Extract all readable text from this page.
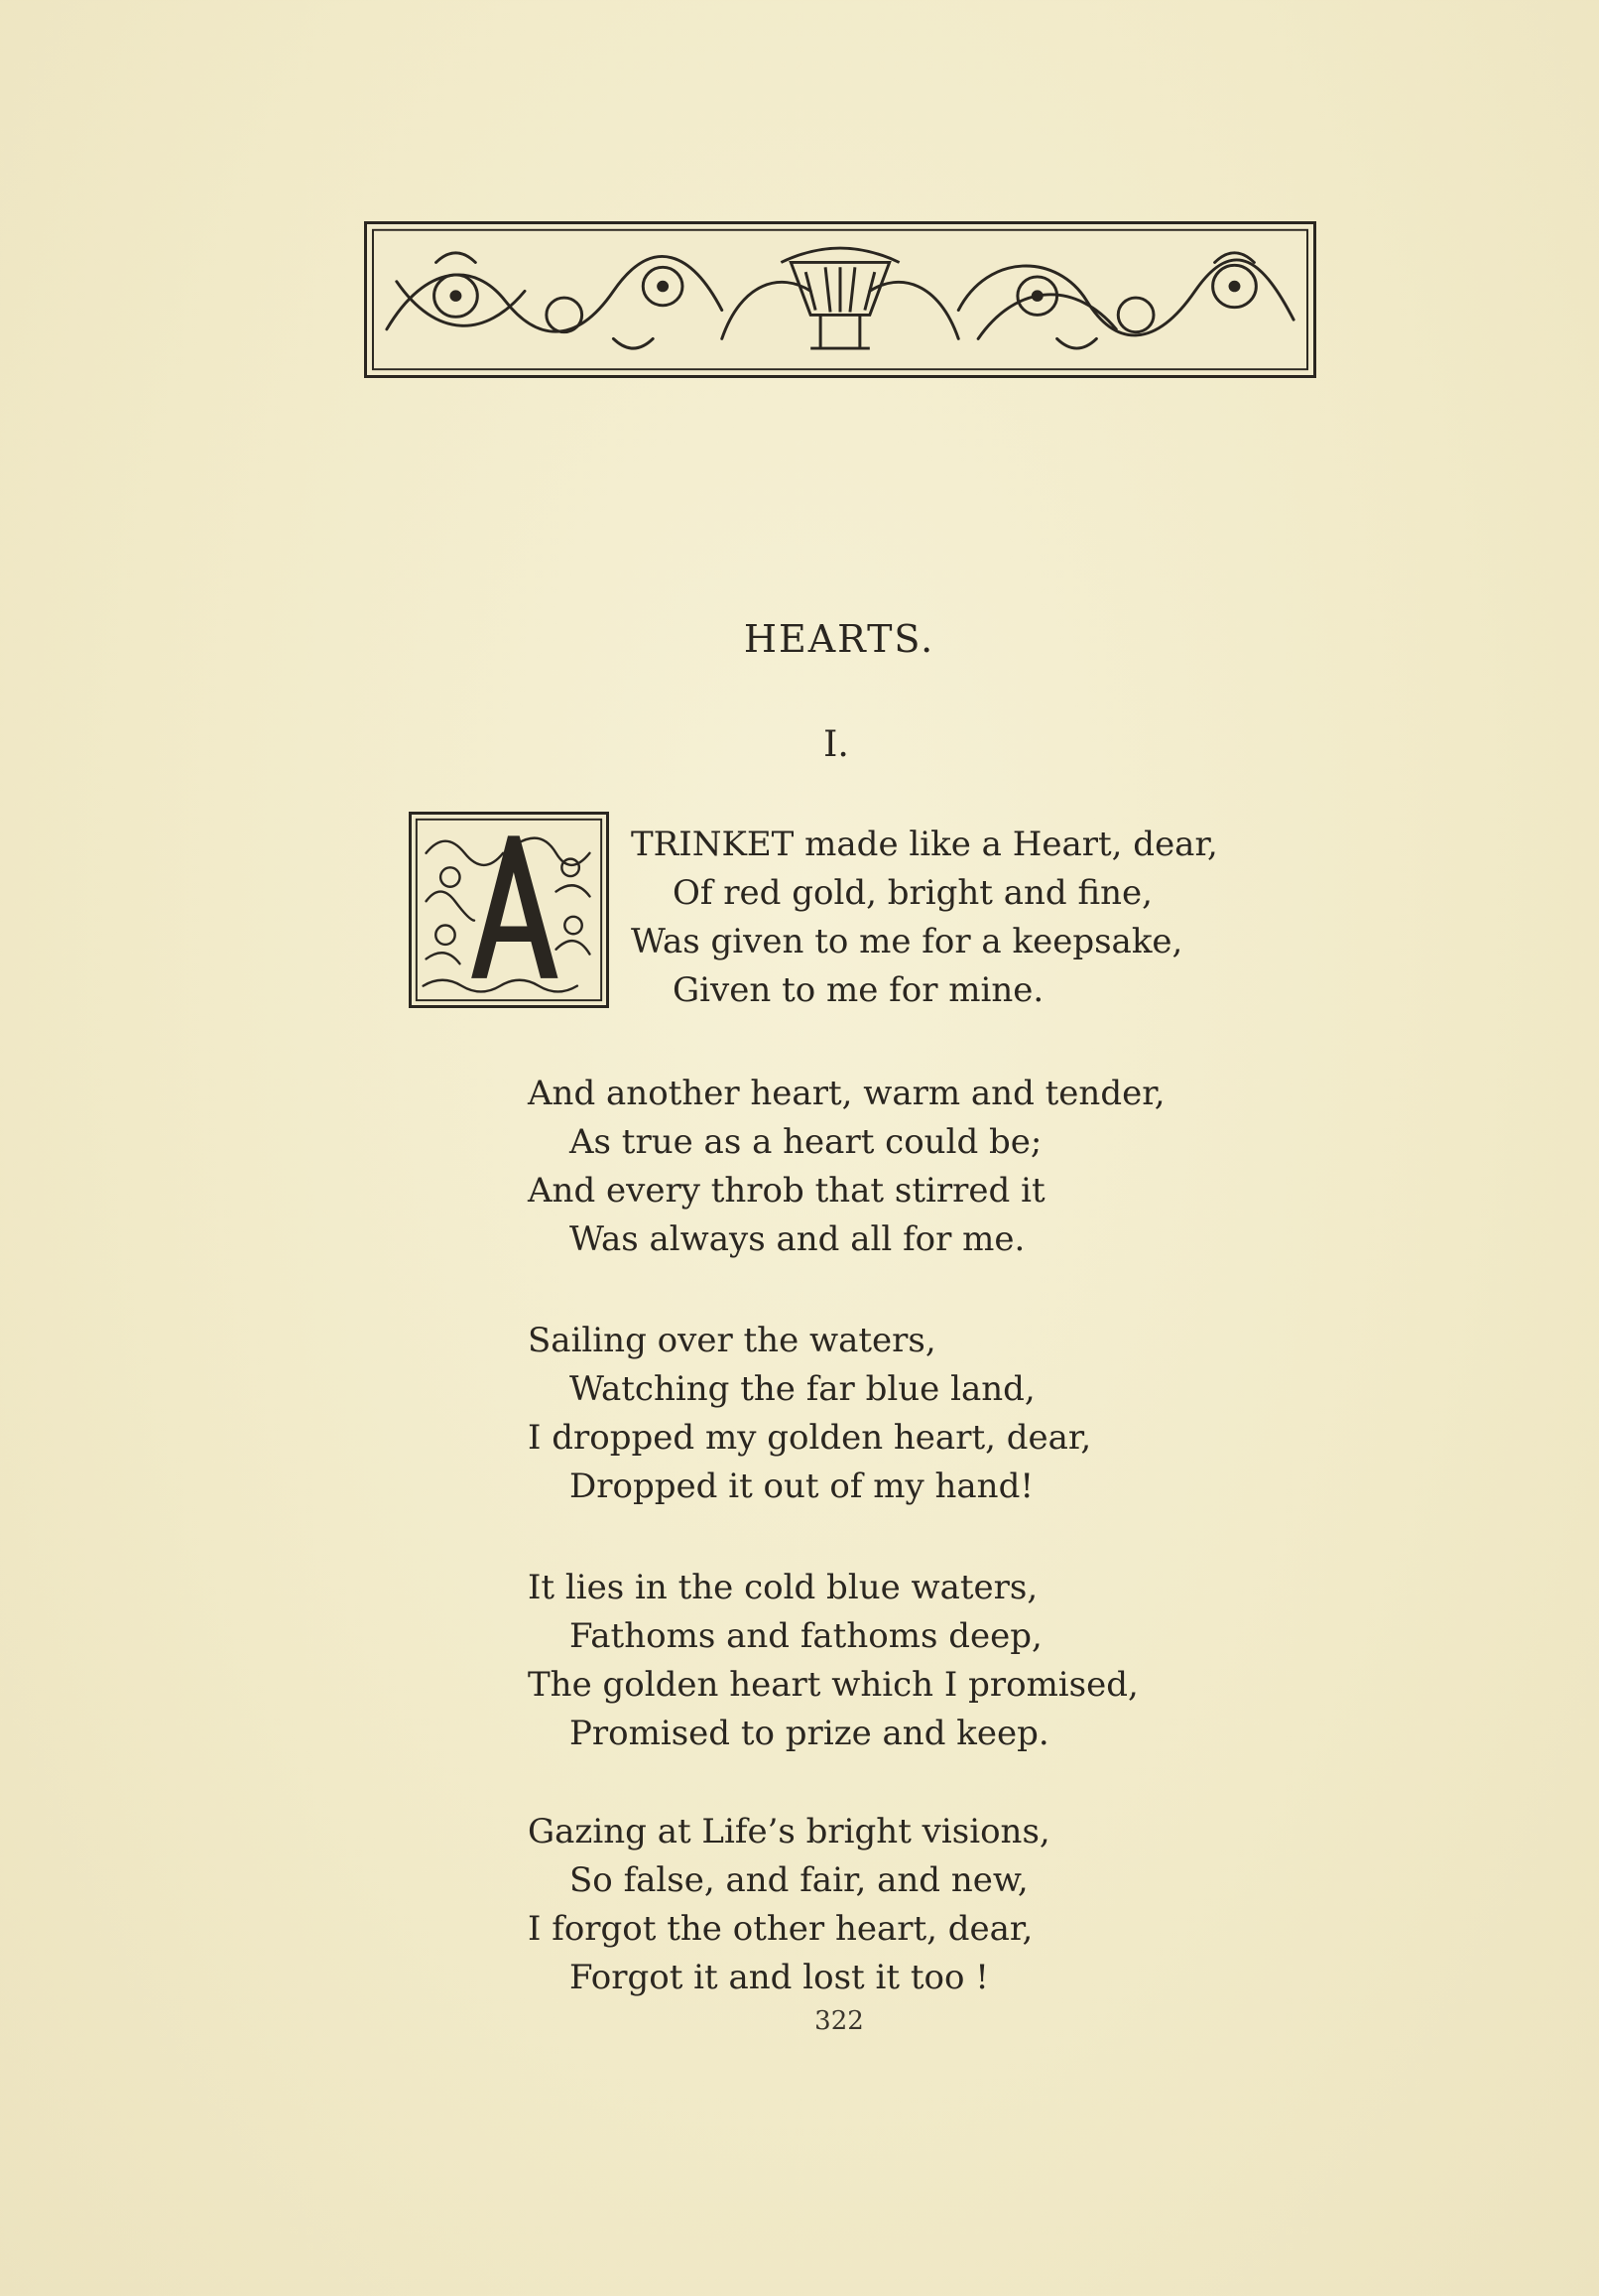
HEARTS.
I.
TRINKET made like a Heart, dear,
Of red gold, bright and fine,
Was given to me for a keepsake,
Given to me for mine.
And another heart, warm and tender,
As true as a heart could be;
And every throb that stirred it
Was always and all for me.
Sailing over the waters,
Watching the far blue land,
I dropped my golden heart, dear,
Dropped it out of my hand!
It lies in the cold blue waters,
Fathoms and fathoms deep,
The golden heart which I promised,
Promised to prize and keep.
Gazing at Life’s bright visions,
So false, and fair, and new,
I forgot the other heart, dear,
Forgot it and lost it too !
322
